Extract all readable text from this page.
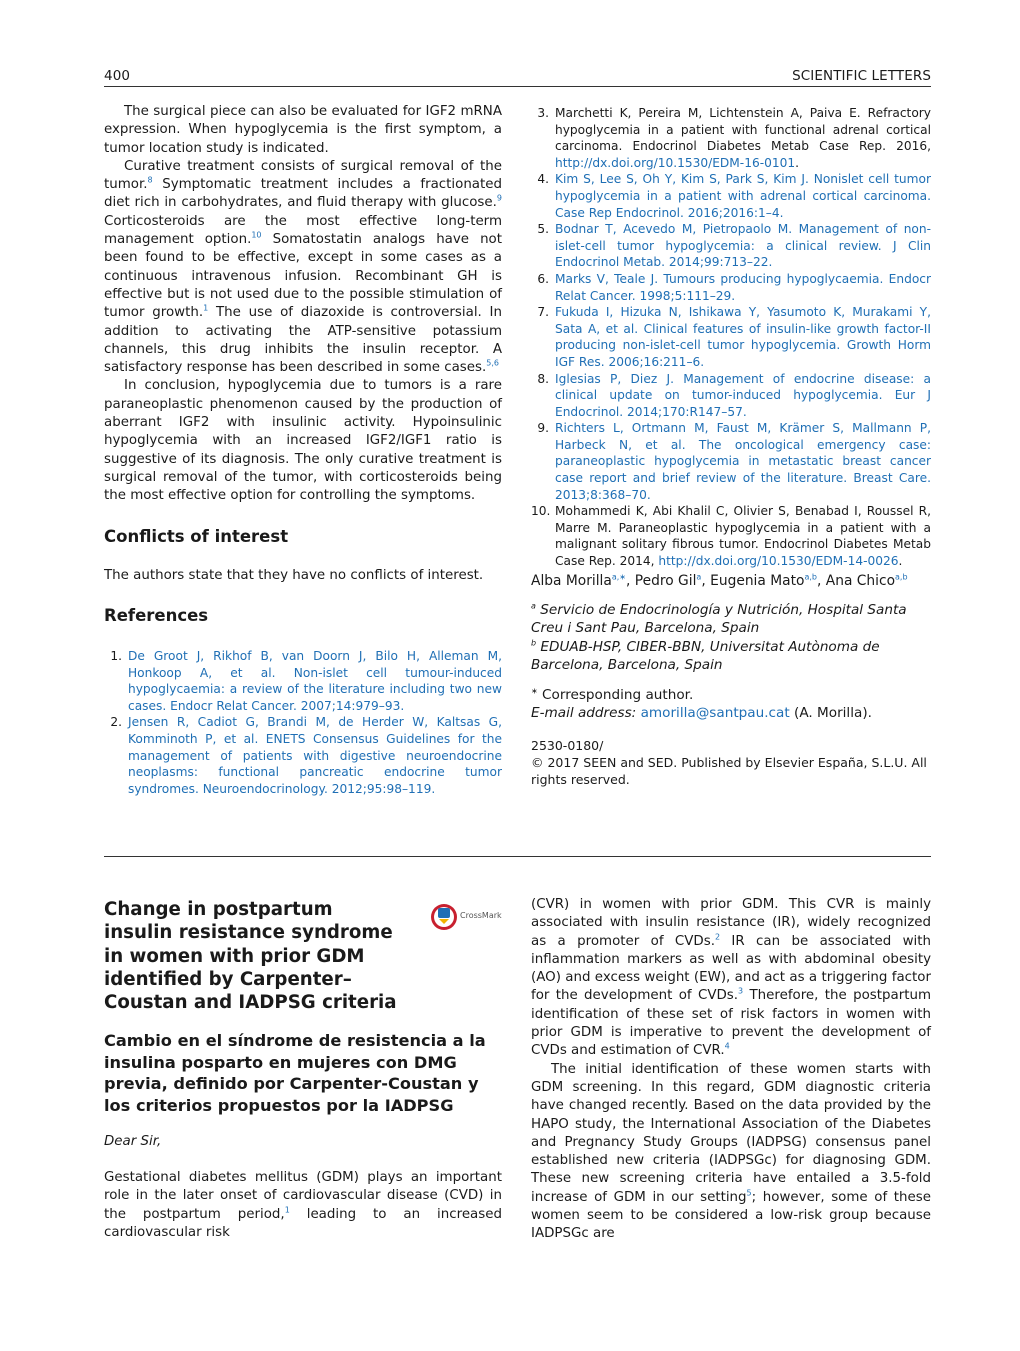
400	SCIENTIFIC LETTERS

The surgical piece can also be evaluated for IGF2 mRNA expression. When hypoglycemia is the first symptom, a tumor location study is indicated.

Curative treatment consists of surgical removal of the tumor.$^8$ Symptomatic treatment includes a fractionated diet rich in carbohydrates, and fluid therapy with glucose.$^9$ Corticosteroids are the most effective long-term management option.$^{10}$ Somatostatin analogs have not been found to be effective, except in some cases as a continuous intravenous infusion. Recombinant GH is effective but is not used due to the possible stimulation of tumor growth.$^1$ The use of diazoxide is controversial. In addition to activating the ATP-sensitive potassium channels, this drug inhibits the insulin receptor. A satisfactory response has been described in some cases.$^{5,6}$

In conclusion, hypoglycemia due to tumors is a rare paraneoplastic phenomenon caused by the production of aberrant IGF2 with insulinic activity. Hypoinsulinic hypoglycemia with an increased IGF2/IGF1 ratio is suggestive of its diagnosis. The only curative treatment is surgical removal of the tumor, with corticosteroids being the most effective option for controlling the symptoms.

Conflicts of interest
The authors state that they have no conflicts of interest.
References
1. De Groot J, Rikhof B, van Doorn J, Bilo H, Alleman M, Honkoop A, et al. Non-islet cell tumour-induced hypoglycaemia: a review of the literature including two new cases. Endocr Relat Cancer. 2007;14:979–93.
2. Jensen R, Cadiot G, Brandi M, de Herder W, Kaltsas G, Komminoth P, et al. ENETS Consensus Guidelines for the management of patients with digestive neuroendocrine neoplasms: functional pancreatic endocrine tumor syndromes. Neuroendocrinology. 2012;95:98–119.
3. Marchetti K, Pereira M, Lichtenstein A, Paiva E. Refractory hypoglycemia in a patient with functional adrenal cortical carcinoma. Endocrinol Diabetes Metab Case Rep. 2016, http://dx.doi.org/10.1530/EDM-16-0101.
4. Kim S, Lee S, Oh Y, Kim S, Park S, Kim J. Nonislet cell tumor hypoglycemia in a patient with adrenal cortical carcinoma. Case Rep Endocrinol. 2016;2016:1–4.
5. Bodnar T, Acevedo M, Pietropaolo M. Management of non-islet-cell tumor hypoglycemia: a clinical review. J Clin Endocrinol Metab. 2014;99:713–22.
6. Marks V, Teale J. Tumours producing hypoglycaemia. Endocr Relat Cancer. 1998;5:111–29.
7. Fukuda I, Hizuka N, Ishikawa Y, Yasumoto K, Murakami Y, Sata A, et al. Clinical features of insulin-like growth factor-II producing non-islet-cell tumor hypoglycemia. Growth Horm IGF Res. 2006;16:211–6.
8. Iglesias P, Diez J. Management of endocrine disease: a clinical update on tumor-induced hypoglycemia. Eur J Endocrinol. 2014;170:R147–57.
9. Richters L, Ortmann M, Faust M, Krämer S, Mallmann P, Harbeck N, et al. The oncological emergency case: paraneoplastic hypoglycemia in metastatic breast cancer case report and brief review of the literature. Breast Care. 2013;8:368–70.
10. Mohammedi K, Abi Khalil C, Olivier S, Benabad I, Roussel R, Marre M. Paraneoplastic hypoglycemia in a patient with a malignant solitary fibrous tumor. Endocrinol Diabetes Metab Case Rep. 2014, http://dx.doi.org/10.1530/EDM-14-0026.
Alba Morilla$^{a,∗}$, Pedro Gil$^a$, Eugenia Mato$^{a,b}$, Ana Chico$^{a,b}$
$^a$ Servicio de Endocrinología y Nutrición, Hospital Santa Creu i Sant Pau, Barcelona, Spain
$^b$ EDUAB-HSP, CIBER-BBN, Universitat Autònoma de Barcelona, Barcelona, Spain
∗ Corresponding author.
E-mail address: amorilla@santpau.cat (A. Morilla).
2530-0180/
© 2017 SEEN and SED. Published by Elsevier España, S.L.U. All rights reserved.
Change in postpartum insulin resistance syndrome in women with prior GDM identified by Carpenter–Coustan and IADPSG criteria
CrossMark
Cambio en el síndrome de resistencia a la insulina posparto en mujeres con DMG previa, definido por Carpenter-Coustan y los criterios propuestos por la IADPSG
Dear Sir,

Gestational diabetes mellitus (GDM) plays an important role in the later onset of cardiovascular disease (CVD) in the postpartum period,$^1$ leading to an increased cardiovascular risk

(CVR) in women with prior GDM. This CVR is mainly associated with insulin resistance (IR), widely recognized as a promoter of CVDs.$^2$ IR can be associated with inflammation markers as well as with abdominal obesity (AO) and excess weight (EW), and act as a triggering factor for the development of CVDs.$^3$ Therefore, the postpartum identification of these set of risk factors in women with prior GDM is imperative to prevent the development of CVDs and estimation of CVR.$^4$

The initial identification of these women starts with GDM screening. In this regard, GDM diagnostic criteria have changed recently. Based on the data provided by the HAPO study, the International Association of the Diabetes and Pregnancy Study Groups (IADPSG) consensus panel established new criteria (IADPSGc) for diagnosing GDM. These new screening criteria have entailed a 3.5-fold increase of GDM in our setting$^5$; however, some of these women seem to be considered a low-risk group because IADPSGc are
